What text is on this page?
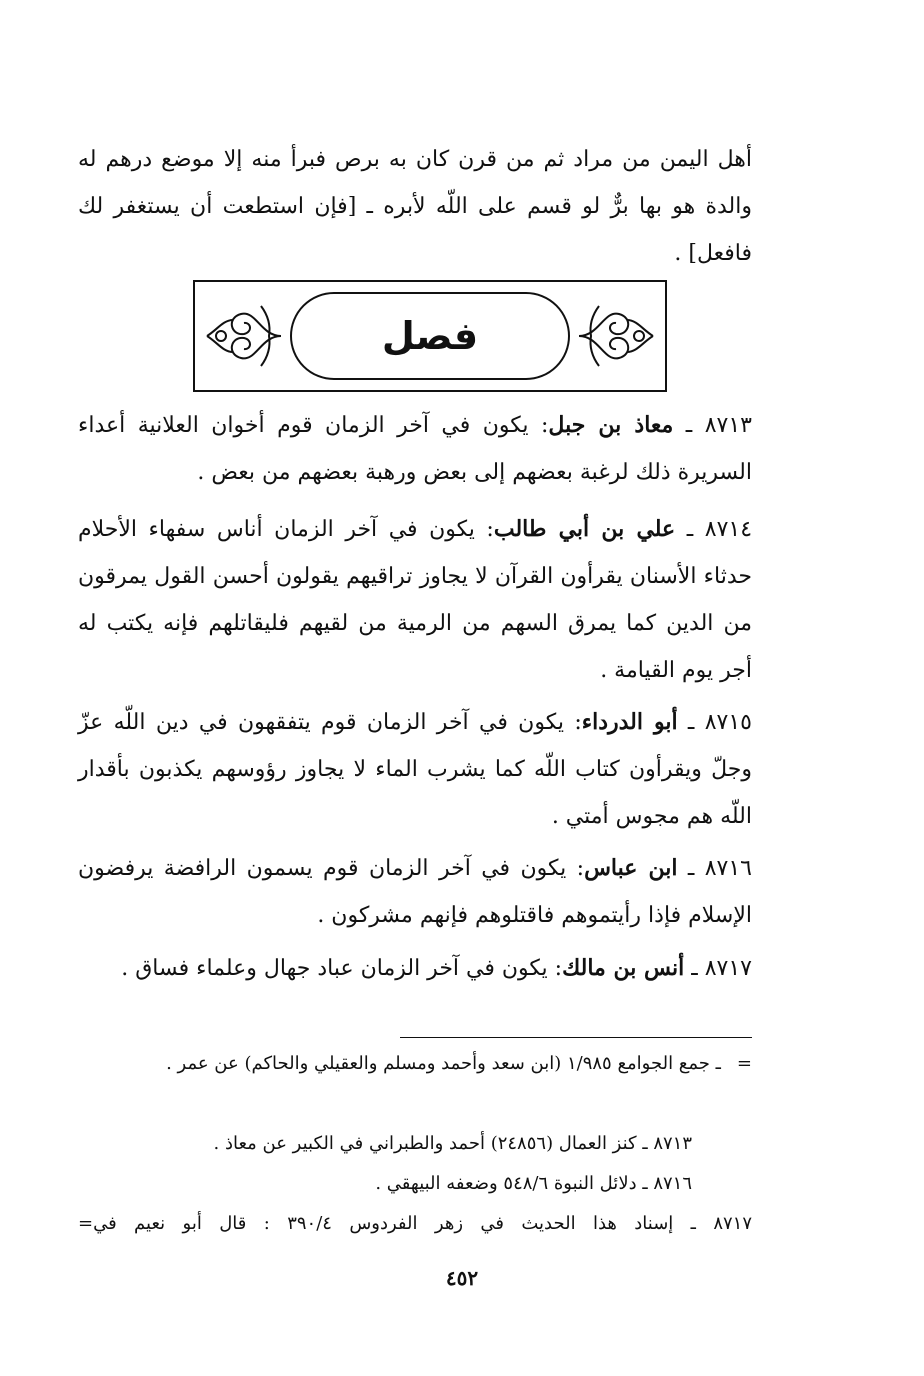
أهل اليمن من مراد ثم من قرن كان به برص فبرأ منه إلا موضع درهم له والدة هو بها برٌّ لو قسم على اللّه لأبره ـ [فإن استطعت أن يستغفر لك فافعل] .

فصل

٨٧١٣ ـ معاذ بن جبل: يكون في آخر الزمان قوم أخوان العلانية أعداء السريرة ذلك لرغبة بعضهم إلى بعض ورهبة بعضهم من بعض .

٨٧١٤ ـ علي بن أبي طالب: يكون في آخر الزمان أناس سفهاء الأحلام حدثاء الأسنان يقرأون القرآن لا يجاوز تراقيهم يقولون أحسن القول يمرقون من الدين كما يمرق السهم من الرمية من لقيهم فليقاتلهم فإنه يكتب له أجر يوم القيامة .

٨٧١٥ ـ أبو الدرداء: يكون في آخر الزمان قوم يتفقهون في دين اللّه عزّ وجلّ ويقرأون كتاب اللّه كما يشرب الماء لا يجاوز رؤوسهم يكذبون بأقدار اللّه هم مجوس أمتي .

٨٧١٦ ـ ابن عباس: يكون في آخر الزمان قوم يسمون الرافضة يرفضون الإسلام فإذا رأيتموهم فاقتلوهم فإنهم مشركون .

٨٧١٧ ـ أنس بن مالك: يكون في آخر الزمان عباد جهال وعلماء فساق .

=ـ جمع الجوامع ١/٩٨٥ (ابن سعد وأحمد ومسلم والعقيلي والحاكم) عن عمر .

٨٧١٣ ـ كنز العمال (٢٤٨٥٦) أحمد والطبراني في الكبير عن معاذ .

٨٧١٦ ـ دلائل النبوة ٥٤٨/٦ وضعفه البيهقي .

٨٧١٧ ـ إسناد هذا الحديث في زهر الفردوس ٣٩٠/٤ : قال أبو نعيم في=

٤٥٢
